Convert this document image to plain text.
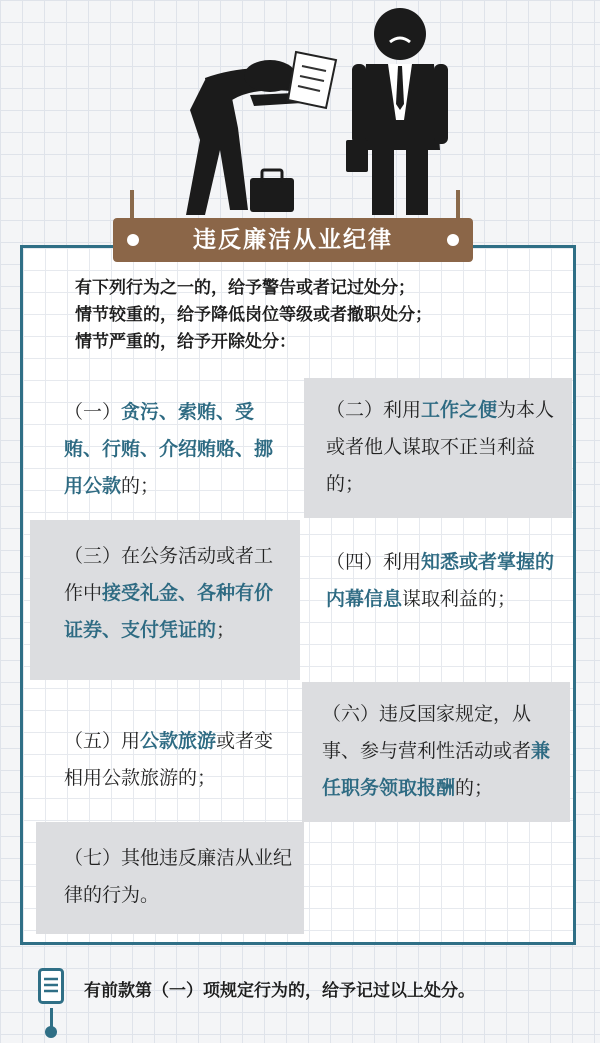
违反廉洁从业纪律
有下列行为之一的，给予警告或者记过处分；
情节较重的，给予降低岗位等级或者撤职处分；
情节严重的，给予开除处分：
（一）贪污、索贿、受贿、行贿、介绍贿赂、挪用公款的；
（二）利用工作之便为本人或者他人谋取不正当利益的；
（三）在公务活动或者工作中接受礼金、各种有价证券、支付凭证的；
（四）利用知悉或者掌握的内幕信息谋取利益的；
（五）用公款旅游或者变相用公款旅游的；
（六）违反国家规定，从事、参与营利性活动或者兼任职务领取报酬的；
（七）其他违反廉洁从业纪律的行为。
有前款第（一）项规定行为的，给予记过以上处分。
